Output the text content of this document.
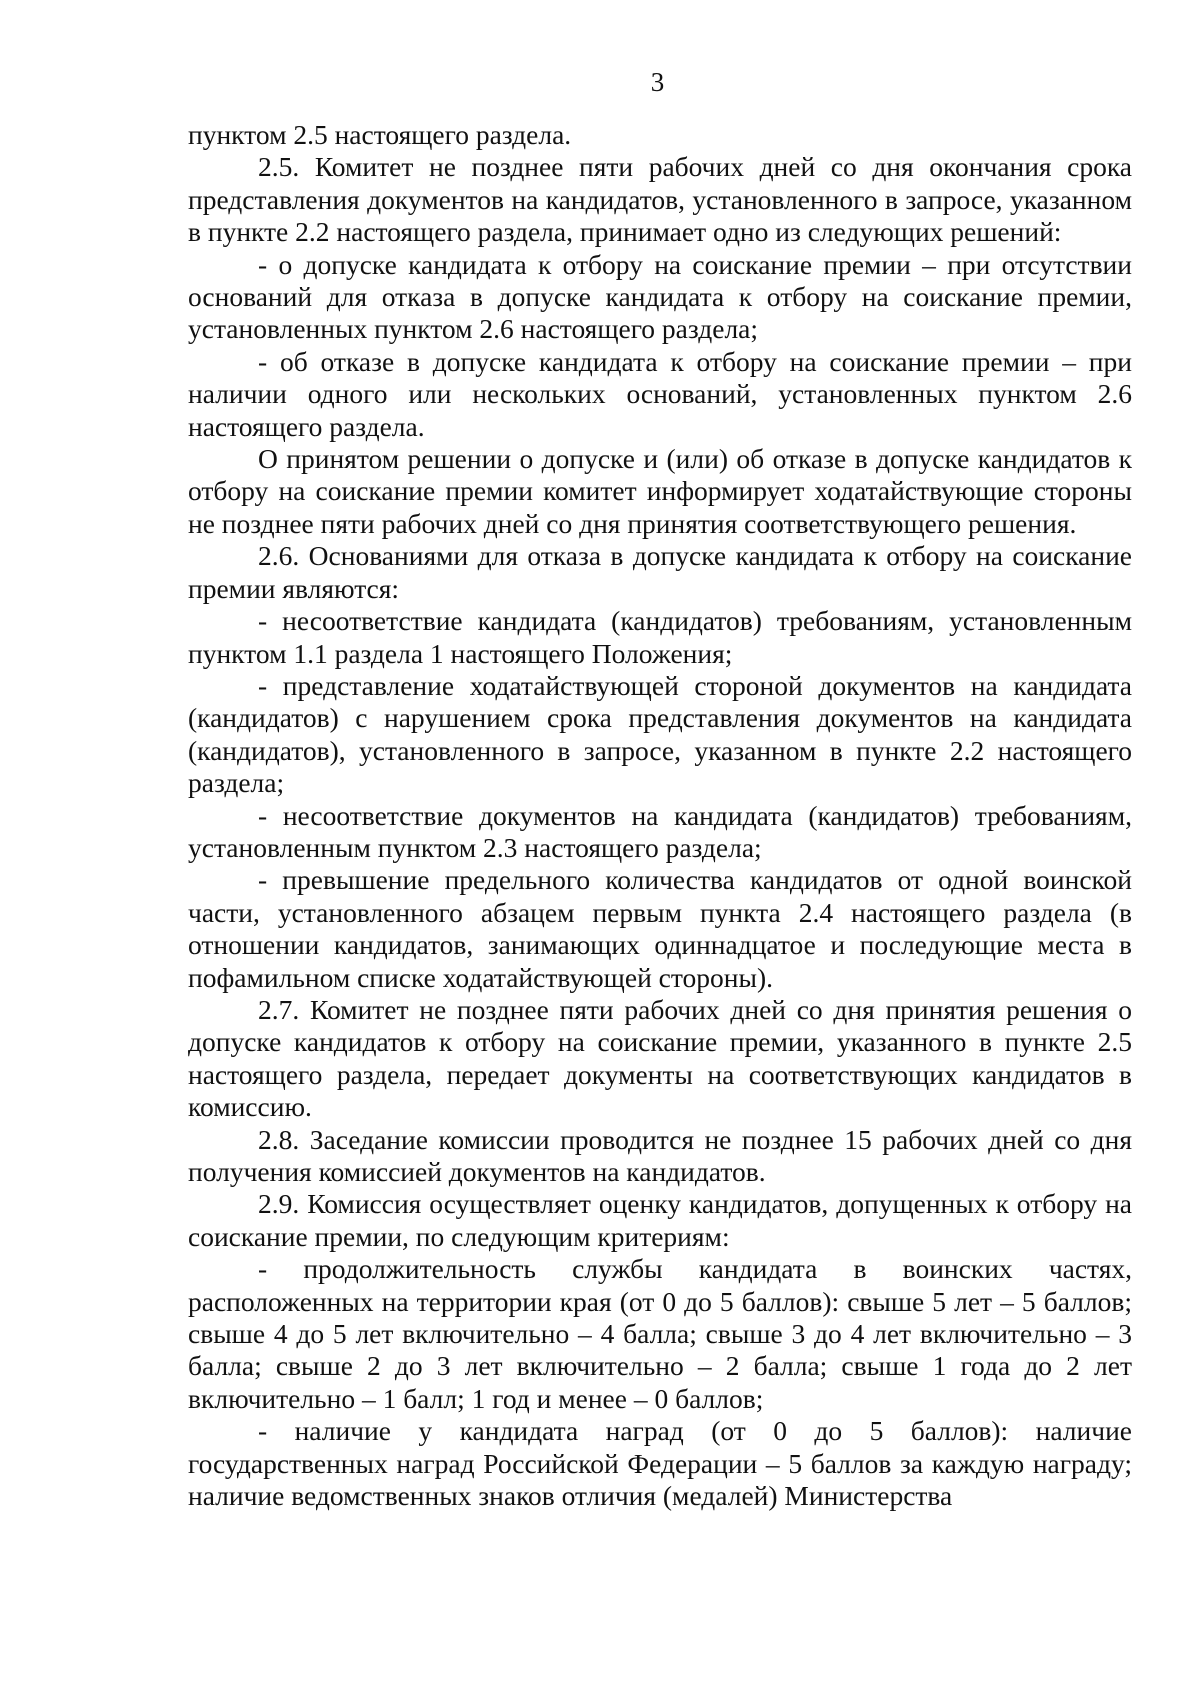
3

пунктом 2.5 настоящего раздела.

2.5. Комитет не позднее пяти рабочих дней со дня окончания срока представления документов на кандидатов, установленного в запросе, указанном в пункте 2.2 настоящего раздела, принимает одно из следующих решений:

- о допуске кандидата к отбору на соискание премии – при отсутствии оснований для отказа в допуске кандидата к отбору на соискание премии, установленных пунктом 2.6 настоящего раздела;

- об отказе в допуске кандидата к отбору на соискание премии – при наличии одного или нескольких оснований, установленных пунктом 2.6 настоящего раздела.

О принятом решении о допуске и (или) об отказе в допуске кандидатов к отбору на соискание премии комитет информирует ходатайствующие стороны не позднее пяти рабочих дней со дня принятия соответствующего решения.

2.6. Основаниями для отказа в допуске кандидата к отбору на соискание премии являются:

- несоответствие кандидата (кандидатов) требованиям, установленным пунктом 1.1 раздела 1 настоящего Положения;

- представление ходатайствующей стороной документов на кандидата (кандидатов) с нарушением срока представления документов на кандидата (кандидатов), установленного в запросе, указанном в пункте 2.2 настоящего раздела;

- несоответствие документов на кандидата (кандидатов) требованиям, установленным пунктом 2.3 настоящего раздела;

- превышение предельного количества кандидатов от одной воинской части, установленного абзацем первым пункта 2.4 настоящего раздела (в отношении кандидатов, занимающих одиннадцатое и последующие места в пофамильном списке ходатайствующей стороны).

2.7. Комитет не позднее пяти рабочих дней со дня принятия решения о допуске кандидатов к отбору на соискание премии, указанного в пункте 2.5 настоящего раздела, передает документы на соответствующих кандидатов в комиссию.

2.8. Заседание комиссии проводится не позднее 15 рабочих дней со дня получения комиссией документов на кандидатов.

2.9. Комиссия осуществляет оценку кандидатов, допущенных к отбору на соискание премии, по следующим критериям:

- продолжительность службы кандидата в воинских частях, расположенных на территории края (от 0 до 5 баллов): свыше 5 лет – 5 баллов; свыше 4 до 5 лет включительно – 4 балла; свыше 3 до 4 лет включительно – 3 балла; свыше 2 до 3 лет включительно – 2 балла; свыше 1 года до 2 лет включительно – 1 балл; 1 год и менее – 0 баллов;

- наличие у кандидата наград (от 0 до 5 баллов): наличие государственных наград Российской Федерации – 5 баллов за каждую награду; наличие ведомственных знаков отличия (медалей) Министерства
